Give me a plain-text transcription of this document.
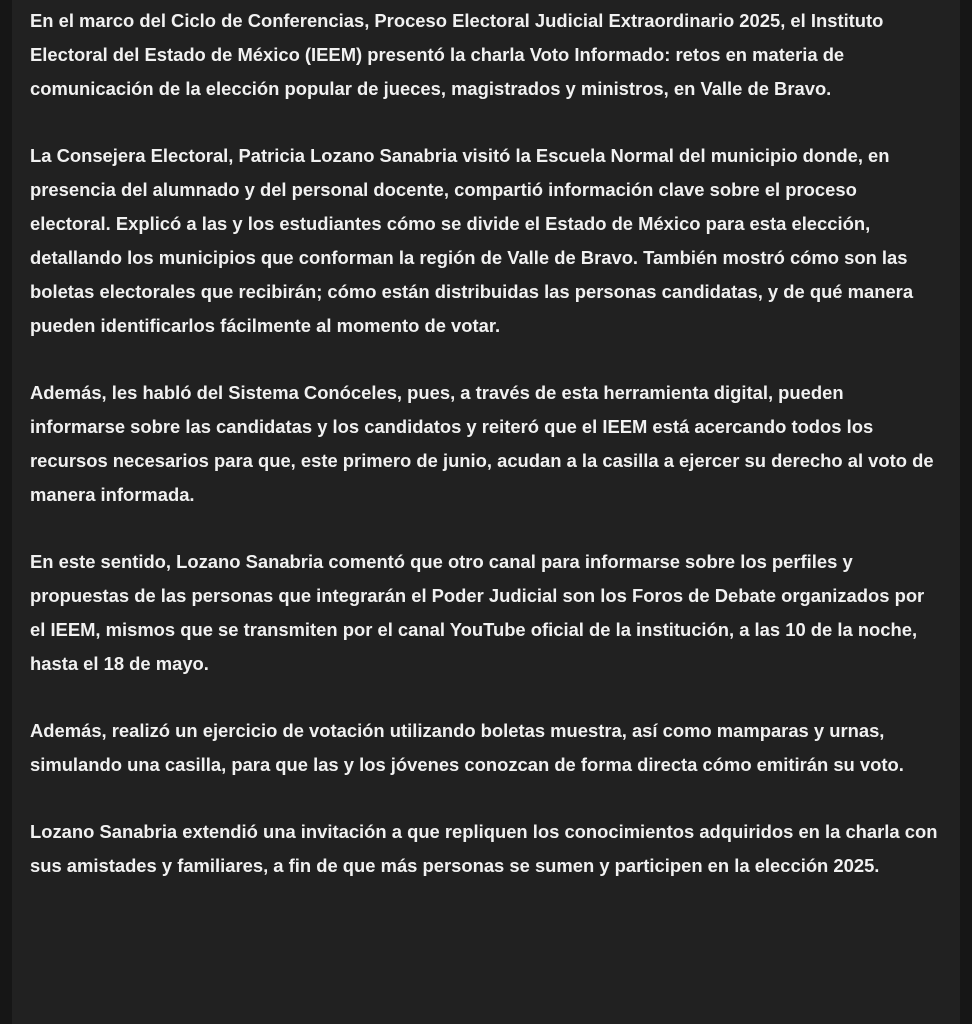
En el marco del Ciclo de Conferencias, Proceso Electoral Judicial Extraordinario 2025, el Instituto Electoral del Estado de México (IEEM) presentó la charla Voto Informado: retos en materia de comunicación de la elección popular de jueces, magistrados y ministros, en Valle de Bravo.

La Consejera Electoral, Patricia Lozano Sanabria visitó la Escuela Normal del municipio donde, en presencia del alumnado y del personal docente, compartió información clave sobre el proceso electoral. Explicó a las y los estudiantes cómo se divide el Estado de México para esta elección, detallando los municipios que conforman la región de Valle de Bravo. También mostró cómo son las boletas electorales que recibirán; cómo están distribuidas las personas candidatas, y de qué manera pueden identificarlos fácilmente al momento de votar.

Además, les habló del Sistema Conóceles, pues, a través de esta herramienta digital, pueden informarse sobre las candidatas y los candidatos y reiteró que el IEEM está acercando todos los recursos necesarios para que, este primero de junio, acudan a la casilla a ejercer su derecho al voto de manera informada.

En este sentido, Lozano Sanabria comentó que otro canal para informarse sobre los perfiles y propuestas de las personas que integrarán el Poder Judicial son los Foros de Debate organizados por el IEEM, mismos que se transmiten por el canal YouTube oficial de la institución, a las 10 de la noche, hasta el 18 de mayo.

Además, realizó un ejercicio de votación utilizando boletas muestra, así como mamparas y urnas, simulando una casilla, para que las y los jóvenes conozcan de forma directa cómo emitirán su voto.

Lozano Sanabria extendió una invitación a que repliquen los conocimientos adquiridos en la charla con sus amistades y familiares, a fin de que más personas se sumen y participen en la elección 2025.
